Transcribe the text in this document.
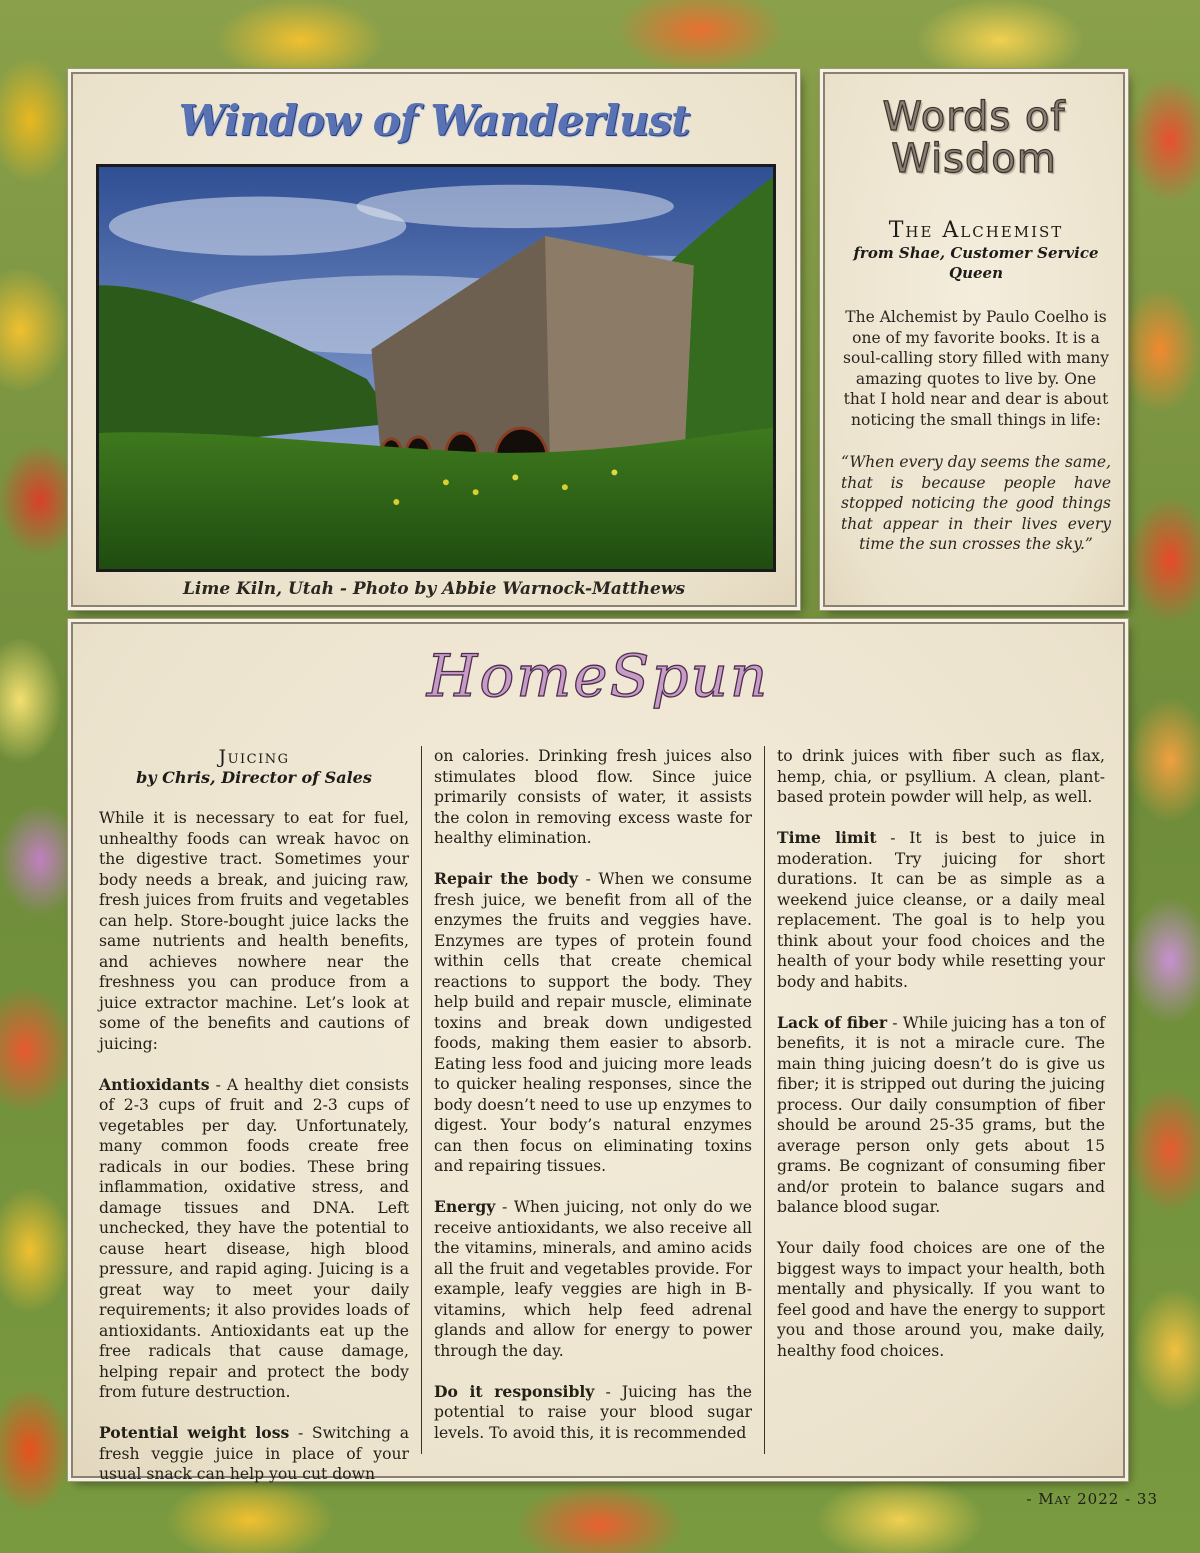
Window of Wanderlust
Lime Kiln, Utah - Photo by Abbie Warnock-Matthews
Words of
Wisdom
The Alchemist
from Shae, Customer Service Queen
The Alchemist by Paulo Coelho is one of my favorite books. It is a soul-calling story filled with many amazing quotes to live by. One that I hold near and dear is about noticing the small things in life:
“When every day seems the same, that is because people have stopped noticing the good things that appear in their lives every time the sun crosses the sky.”
HomeSpun
Juicing
by Chris, Director of Sales

While it is necessary to eat for fuel, unhealthy foods can wreak havoc on the digestive tract. Sometimes your body needs a break, and juicing raw, fresh juices from fruits and vegetables can help. Store-bought juice lacks the same nutrients and health benefits, and achieves nowhere near the freshness you can produce from a juice extractor machine. Let’s look at some of the benefits and cautions of juicing:

Antioxidants - A healthy diet consists of 2-3 cups of fruit and 2-3 cups of vegetables per day. Unfortunately, many common foods create free radicals in our bodies. These bring inflammation, oxidative stress, and damage tissues and DNA. Left unchecked, they have the potential to cause heart disease, high blood pressure, and rapid aging. Juicing is a great way to meet your daily requirements; it also provides loads of antioxidants. Antioxidants eat up the free radicals that cause damage, helping repair and protect the body from future destruction.

Potential weight loss - Switching a fresh veggie juice in place of your usual snack can help you cut down

on calories. Drinking fresh juices also stimulates blood flow. Since juice primarily consists of water, it assists the colon in removing excess waste for healthy elimination.

Repair the body - When we consume fresh juice, we benefit from all of the enzymes the fruits and veggies have. Enzymes are types of protein found within cells that create chemical reactions to support the body. They help build and repair muscle, eliminate toxins and break down undigested foods, making them easier to absorb. Eating less food and juicing more leads to quicker healing responses, since the body doesn’t need to use up enzymes to digest. Your body’s natural enzymes can then focus on eliminating toxins and repairing tissues.

Energy - When juicing, not only do we receive antioxidants, we also receive all the vitamins, minerals, and amino acids all the fruit and vegetables provide. For example, leafy veggies are high in B-vitamins, which help feed adrenal glands and allow for energy to power through the day.

Do it responsibly - Juicing has the potential to raise your blood sugar levels. To avoid this, it is recommended

to drink juices with fiber such as flax, hemp, chia, or psyllium. A clean, plant-based protein powder will help, as well.

Time limit - It is best to juice in moderation. Try juicing for short durations. It can be as simple as a weekend juice cleanse, or a daily meal replacement. The goal is to help you think about your food choices and the health of your body while resetting your body and habits.

Lack of fiber - While juicing has a ton of benefits, it is not a miracle cure. The main thing juicing doesn’t do is give us fiber; it is stripped out during the juicing process. Our daily consumption of fiber should be around 25-35 grams, but the average person only gets about 15 grams. Be cognizant of consuming fiber and/or protein to balance sugars and balance blood sugar.

Your daily food choices are one of the biggest ways to impact your health, both mentally and physically. If you want to feel good and have the energy to support you and those around you, make daily, healthy food choices.

- May 2022 - 33
